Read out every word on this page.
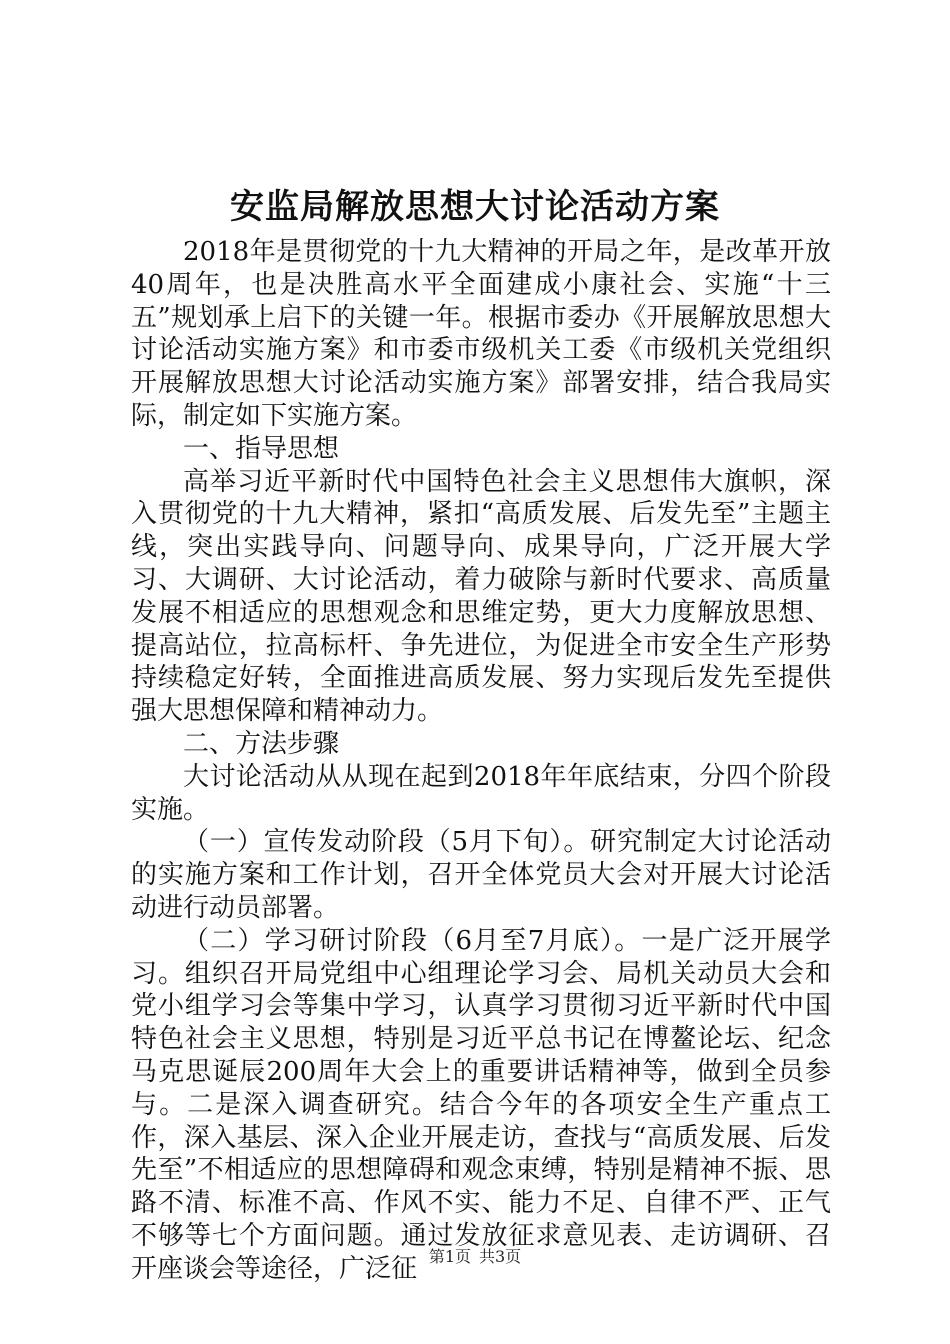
安监局解放思想大讨论活动方案

2018年是贯彻党的十九大精神的开局之年，是改革开放40周年，也是决胜高水平全面建成小康社会、实施“十三五”规划承上启下的关键一年。根据市委办《开展解放思想大讨论活动实施方案》和市委市级机关工委《市级机关党组织开展解放思想大讨论活动实施方案》部署安排，结合我局实际，制定如下实施方案。

一、指导思想

高举习近平新时代中国特色社会主义思想伟大旗帜，深入贯彻党的十九大精神，紧扣“高质发展、后发先至”主题主线，突出实践导向、问题导向、成果导向，广泛开展大学习、大调研、大讨论活动，着力破除与新时代要求、高质量发展不相适应的思想观念和思维定势，更大力度解放思想、提高站位，拉高标杆、争先进位，为促进全市安全生产形势持续稳定好转，全面推进高质发展、努力实现后发先至提供强大思想保障和精神动力。

二、方法步骤

大讨论活动从从现在起到2018年年底结束，分四个阶段实施。

（一）宣传发动阶段（5月下旬）。研究制定大讨论活动的实施方案和工作计划，召开全体党员大会对开展大讨论活动进行动员部署。

（二）学习研讨阶段（6月至7月底）。一是广泛开展学习。组织召开局党组中心组理论学习会、局机关动员大会和党小组学习会等集中学习，认真学习贯彻习近平新时代中国特色社会主义思想，特别是习近平总书记在博鳌论坛、纪念马克思诞辰200周年大会上的重要讲话精神等，做到全员参与。二是深入调查研究。结合今年的各项安全生产重点工作，深入基层、深入企业开展走访，查找与“高质发展、后发先至”不相适应的思想障碍和观念束缚，特别是精神不振、思路不清、标准不高、作风不实、能力不足、自律不严、正气不够等七个方面问题。通过发放征求意见表、走访调研、召开座谈会等途径，广泛征 第1页 共3页
